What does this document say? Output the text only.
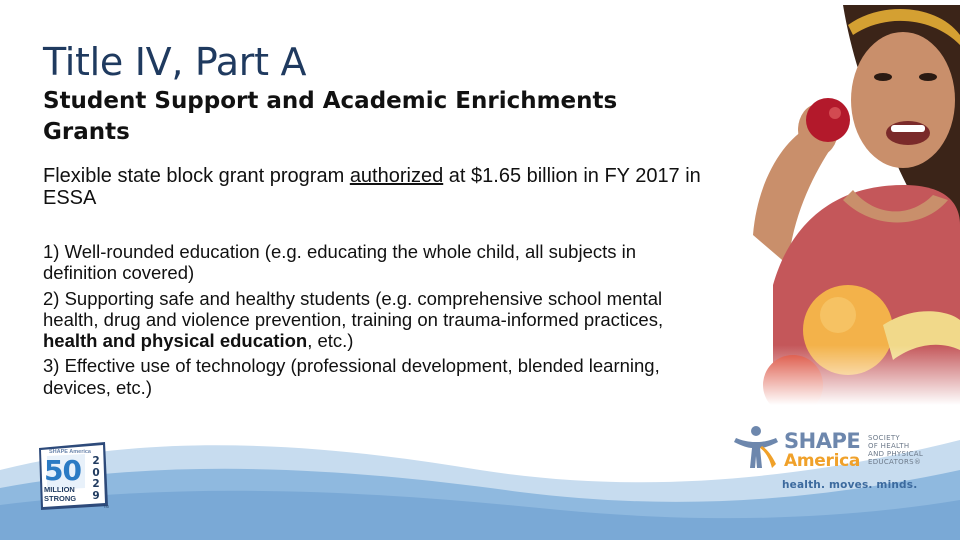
Title IV, Part A
Student Support and Academic Enrichments Grants

Flexible state block grant program authorized at $1.65 billion in FY 2017 in ESSA

1) Well-rounded education (e.g. educating the whole child, all subjects in definition covered)

2) Supporting safe and healthy students (e.g. comprehensive school mental health, drug and violence prevention, training on trauma-informed practices, health and physical education, etc.)

3) Effective use of technology (professional development, blended learning, devices, etc.)

SHAPE
America
SOCIETY
OF HEALTH
AND PHYSICAL
EDUCATORS®
health. moves. minds.
SHAPE America
50
MILLION
STRONG
2
0
2
9
TM
